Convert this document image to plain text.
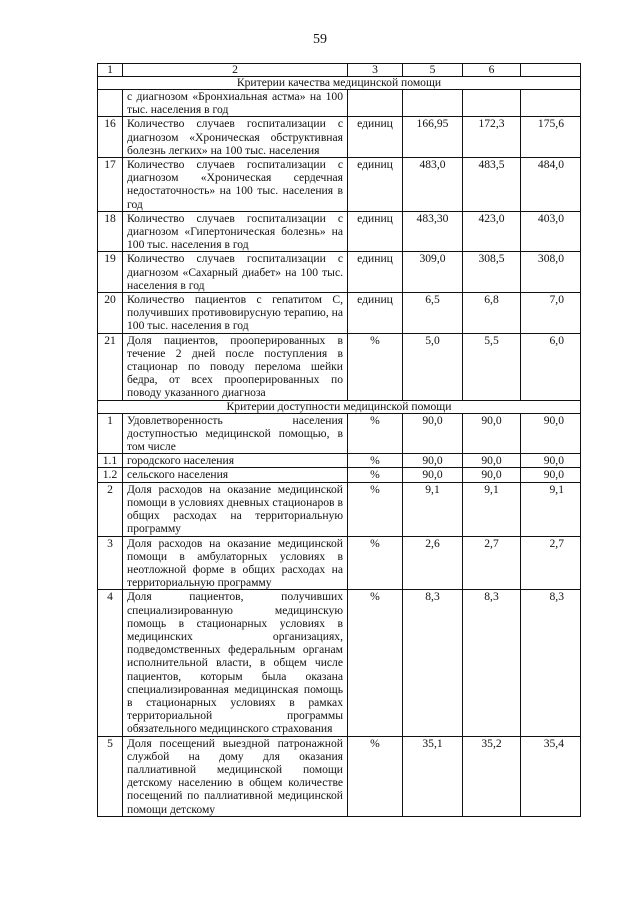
59
1	2	3	5	6	
Критерии качества медицинской помощи					
	с диагнозом «Бронхиальная астма» на 100 тыс. населения в год				
16	Количество случаев госпитализации с диагнозом «Хроническая обструктивная болезнь легких» на 100 тыс. населения	единиц	166,95	172,3	175,6
17	Количество случаев госпитализации с диагнозом «Хроническая сердечная недостаточность» на 100 тыс. населения в год	единиц	483,0	483,5	484,0
18	Количество случаев госпитализации с диагнозом «Гипертоническая болезнь» на 100 тыс. населения в год	единиц	483,30	423,0	403,0
19	Количество случаев госпитализации с диагнозом «Сахарный диабет» на 100 тыс. населения в год	единиц	309,0	308,5	308,0
20	Количество пациентов с гепатитом С, получивших противовирусную терапию, на 100 тыс. населения в год	единиц	6,5	6,8	7,0
21	Доля пациентов, прооперированных в течение 2 дней после поступления в стационар по поводу перелома шейки бедра, от всех прооперированных по поводу указанного диагноза	%	5,0	5,5	6,0
Критерии доступности медицинской помощи					
1	Удовлетворенность населения доступностью медицинской помощью, в том числе	%	90,0	90,0	90,0
1.1	городского населения	%	90,0	90,0	90,0
1.2	сельского населения	%	90,0	90,0	90,0
2	Доля расходов на оказание медицинской помощи в условиях дневных стационаров в общих расходах на территориальную программу	%	9,1	9,1	9,1
3	Доля расходов на оказание медицинской помощи в амбулаторных условиях в неотложной форме в общих расходах на территориальную программу	%	2,6	2,7	2,7
4	Доля пациентов, получивших специализированную медицинскую помощь в стационарных условиях в медицинских организациях, подведомственных федеральным органам исполнительной власти, в общем числе пациентов, которым была оказана специализированная медицинская помощь в стационарных условиях в рамках территориальной программы обязательного медицинского страхования	%	8,3	8,3	8,3
5	Доля посещений выездной патронажной службой на дому для оказания паллиативной медицинской помощи детскому населению в общем количестве посещений по паллиативной медицинской помощи детскому	%	35,1	35,2	35,4
